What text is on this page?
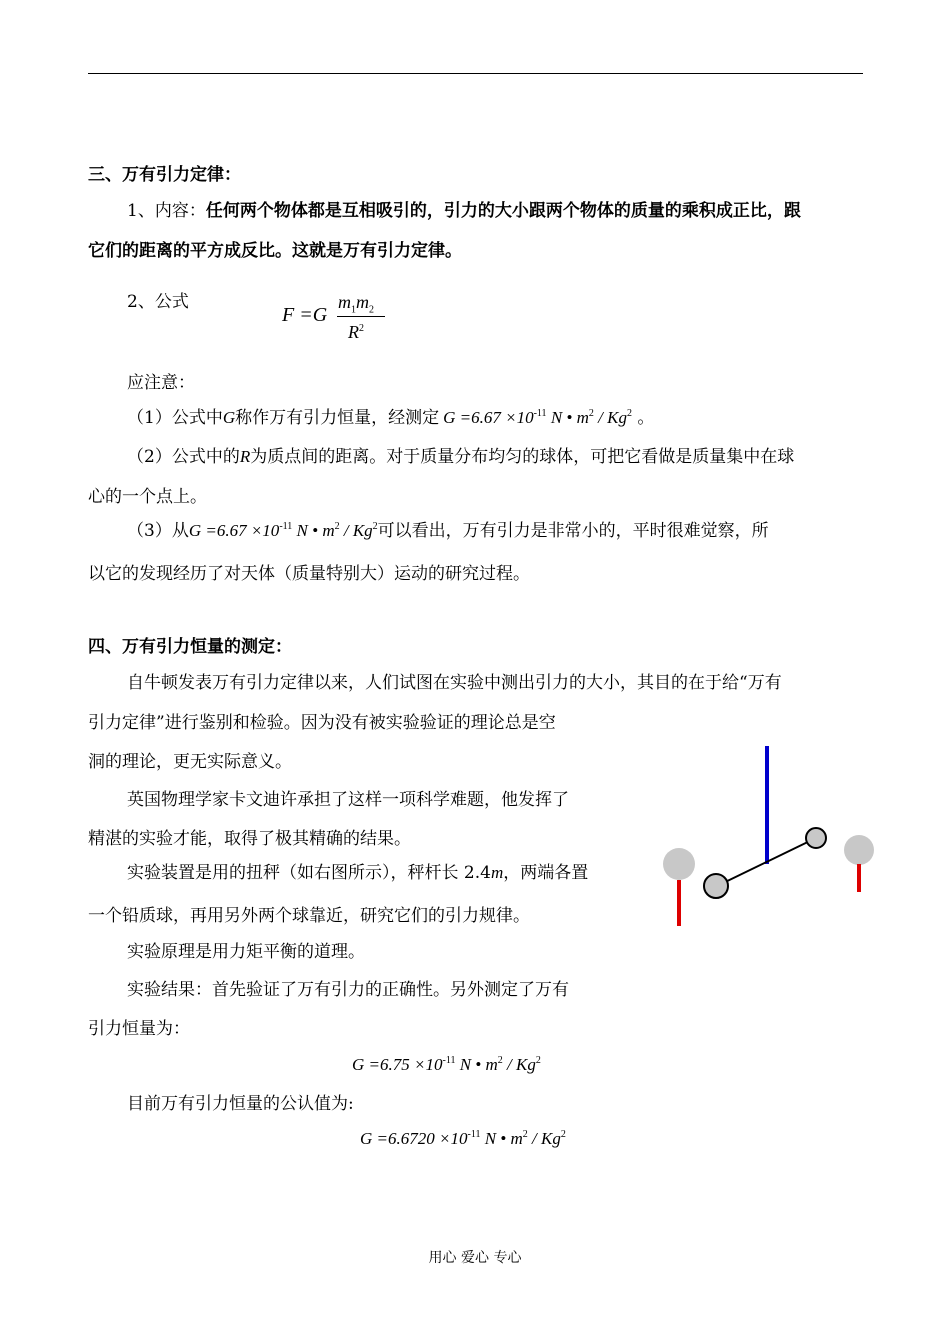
三、万有引力定律：
1、内容：任何两个物体都是互相吸引的，引力的大小跟两个物体的质量的乘积成正比，跟
它们的距离的平方成反比。这就是万有引力定律。
2、公式
F =G
$m_1m_2$
$R^2$
应注意：
（1）公式中G称作万有引力恒量，经测定 $G =6.67 \times 10^{-11}$ N • $m^2 / Kg^2$ 。
（2）公式中的R为质点间的距离。对于质量分布均匀的球体，可把它看做是质量集中在球
心的一个点上。
（3）从$G =6.67 \times 10^{-11}$ N • $m^2 / Kg^2$可以看出，万有引力是非常小的，平时很难觉察，所
以它的发现经历了对天体（质量特别大）运动的研究过程。
四、万有引力恒量的测定：
自牛顿发表万有引力定律以来，人们试图在实验中测出引力的大小，其目的在于给“万有
引力定律”进行鉴别和检验。因为没有被实验验证的理论总是空
洞的理论，更无实际意义。
英国物理学家卡文迪许承担了这样一项科学难题，他发挥了
精湛的实验才能，取得了极其精确的结果。
实验装置是用的扭秤（如右图所示），秤杆长 2.4m，两端各置
一个铅质球，再用另外两个球靠近，研究它们的引力规律。
实验原理是用力矩平衡的道理。
实验结果：首先验证了万有引力的正确性。另外测定了万有
引力恒量为：
$G =6.75 \times 10^{-11}$ N • $m^2 / Kg^2$
目前万有引力恒量的公认值为:
$G =6.6720 \times 10^{-11}$ N • $m^2 / Kg^2$
用心 爱心 专心
